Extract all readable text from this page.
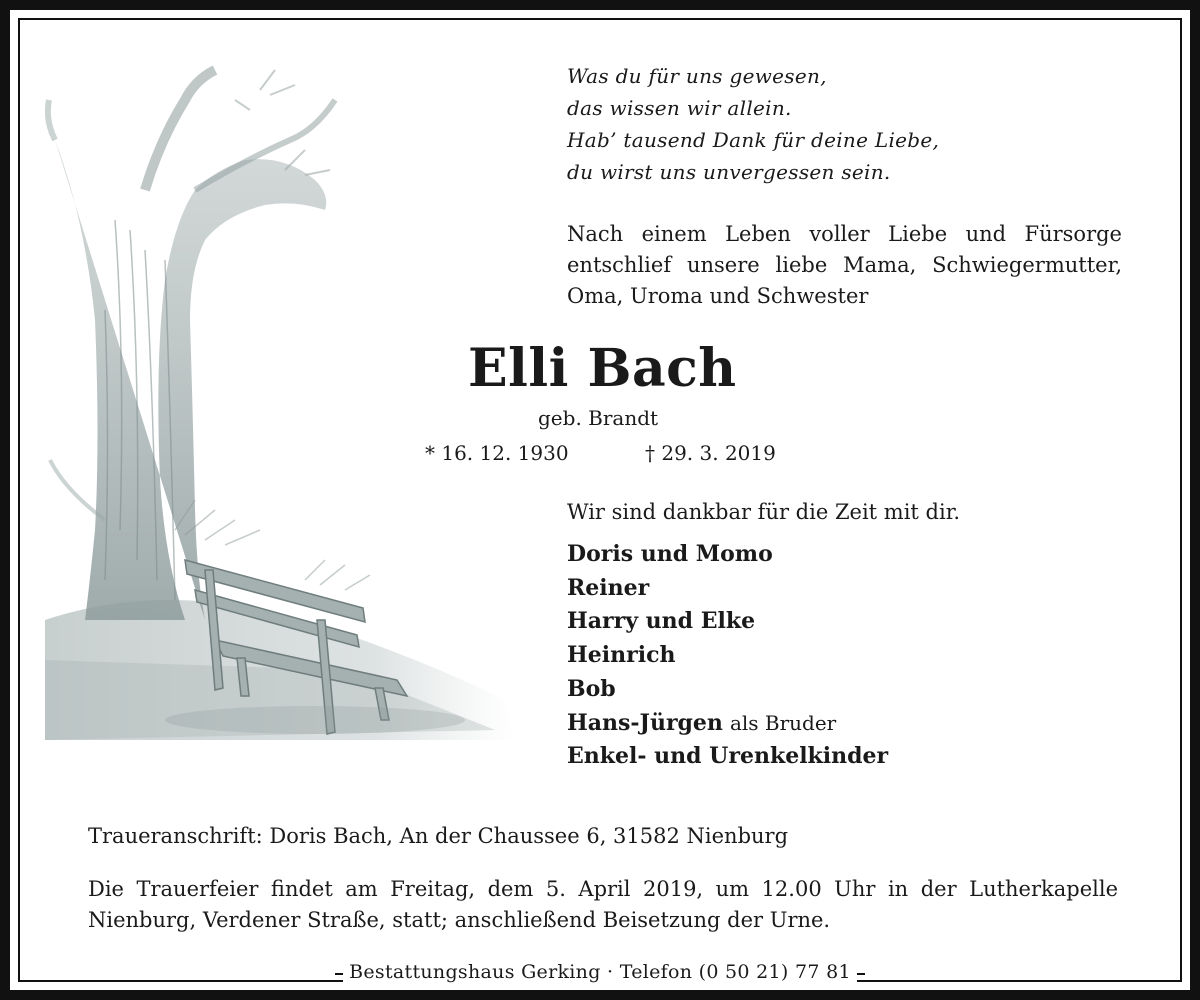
Was du für uns gewesen,
das wissen wir allein.
Hab’ tausend Dank für deine Liebe,
du wirst uns unvergessen sein.
Nach einem Leben voller Liebe und Fürsorge entschlief unsere liebe Mama, Schwiegermutter, Oma, Uroma und Schwester
Elli Bach
geb. Brandt
* 16. 12. 1930	† 29. 3. 2019
Wir sind dankbar für die Zeit mit dir.
Doris und Momo
Reiner
Harry und Elke
Heinrich
Bob
Hans-Jürgen als Bruder
Enkel- und Urenkelkinder
Traueranschrift: Doris Bach, An der Chaussee 6, 31582 Nienburg
Die Trauerfeier findet am Freitag, dem 5. April 2019, um 12.00 Uhr in der Lutherkapelle Nienburg, Verdener Straße, statt; anschließend Beisetzung der Urne.
Bestattungshaus Gerking · Telefon (0 50 21) 77 81
